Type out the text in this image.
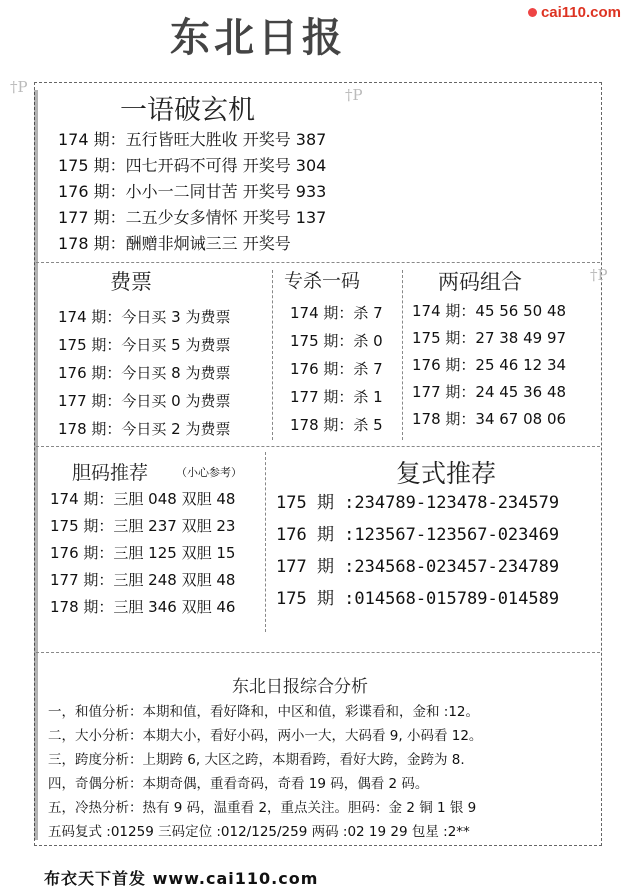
东北日报
cai110.com
†P	†P
†P
一语破玄机
174 期：五行皆旺大胜收 开奖号 387
175 期：四七开码不可得 开奖号 304
176 期：小小一二同甘苦 开奖号 933
177 期：二五少女多情怀 开奖号 137
178 期：酬赠非炯诫三三 开奖号
费票
174 期：今日买 3 为费票
175 期：今日买 5 为费票
176 期：今日买 8 为费票
177 期：今日买 0 为费票
178 期：今日买 2 为费票
专杀一码
174 期：杀 7
175 期：杀 0
176 期：杀 7
177 期：杀 1
178 期：杀 5
两码组合
174 期：45 56 50 48
175 期：27 38 49 97
176 期：25 46 12 34
177 期：24 45 36 48
178 期：34 67 08 06
胆码推荐	（小心参考）
174 期：三胆 048 双胆 48
175 期：三胆 237 双胆 23
176 期：三胆 125 双胆 15
177 期：三胆 248 双胆 48
178 期：三胆 346 双胆 46
复式推荐
175 期 :234789-123478-234579
176 期 :123567-123567-023469
177 期 :234568-023457-234789
175 期 :014568-015789-014589
东北日报综合分析
一，和值分析：本期和值，看好降和，中区和值，彩谍看和，金和 :12。
二，大小分析：本期大小，看好小码，两小一大，大码看 9, 小码看 12。
三，跨度分析：上期跨 6, 大区之跨，本期看跨，看好大跨，金跨为 8.
四，奇偶分析：本期奇偶，重看奇码，奇看 19 码，偶看 2 码。
五，冷热分析：热有 9 码，温重看 2，重点关注。胆码：金 2 铜 1 银 9
五码复式 :01259 三码定位 :012/125/259 两码 :02 19 29 包星 :2**
布衣天下首发 www.cai110.com
